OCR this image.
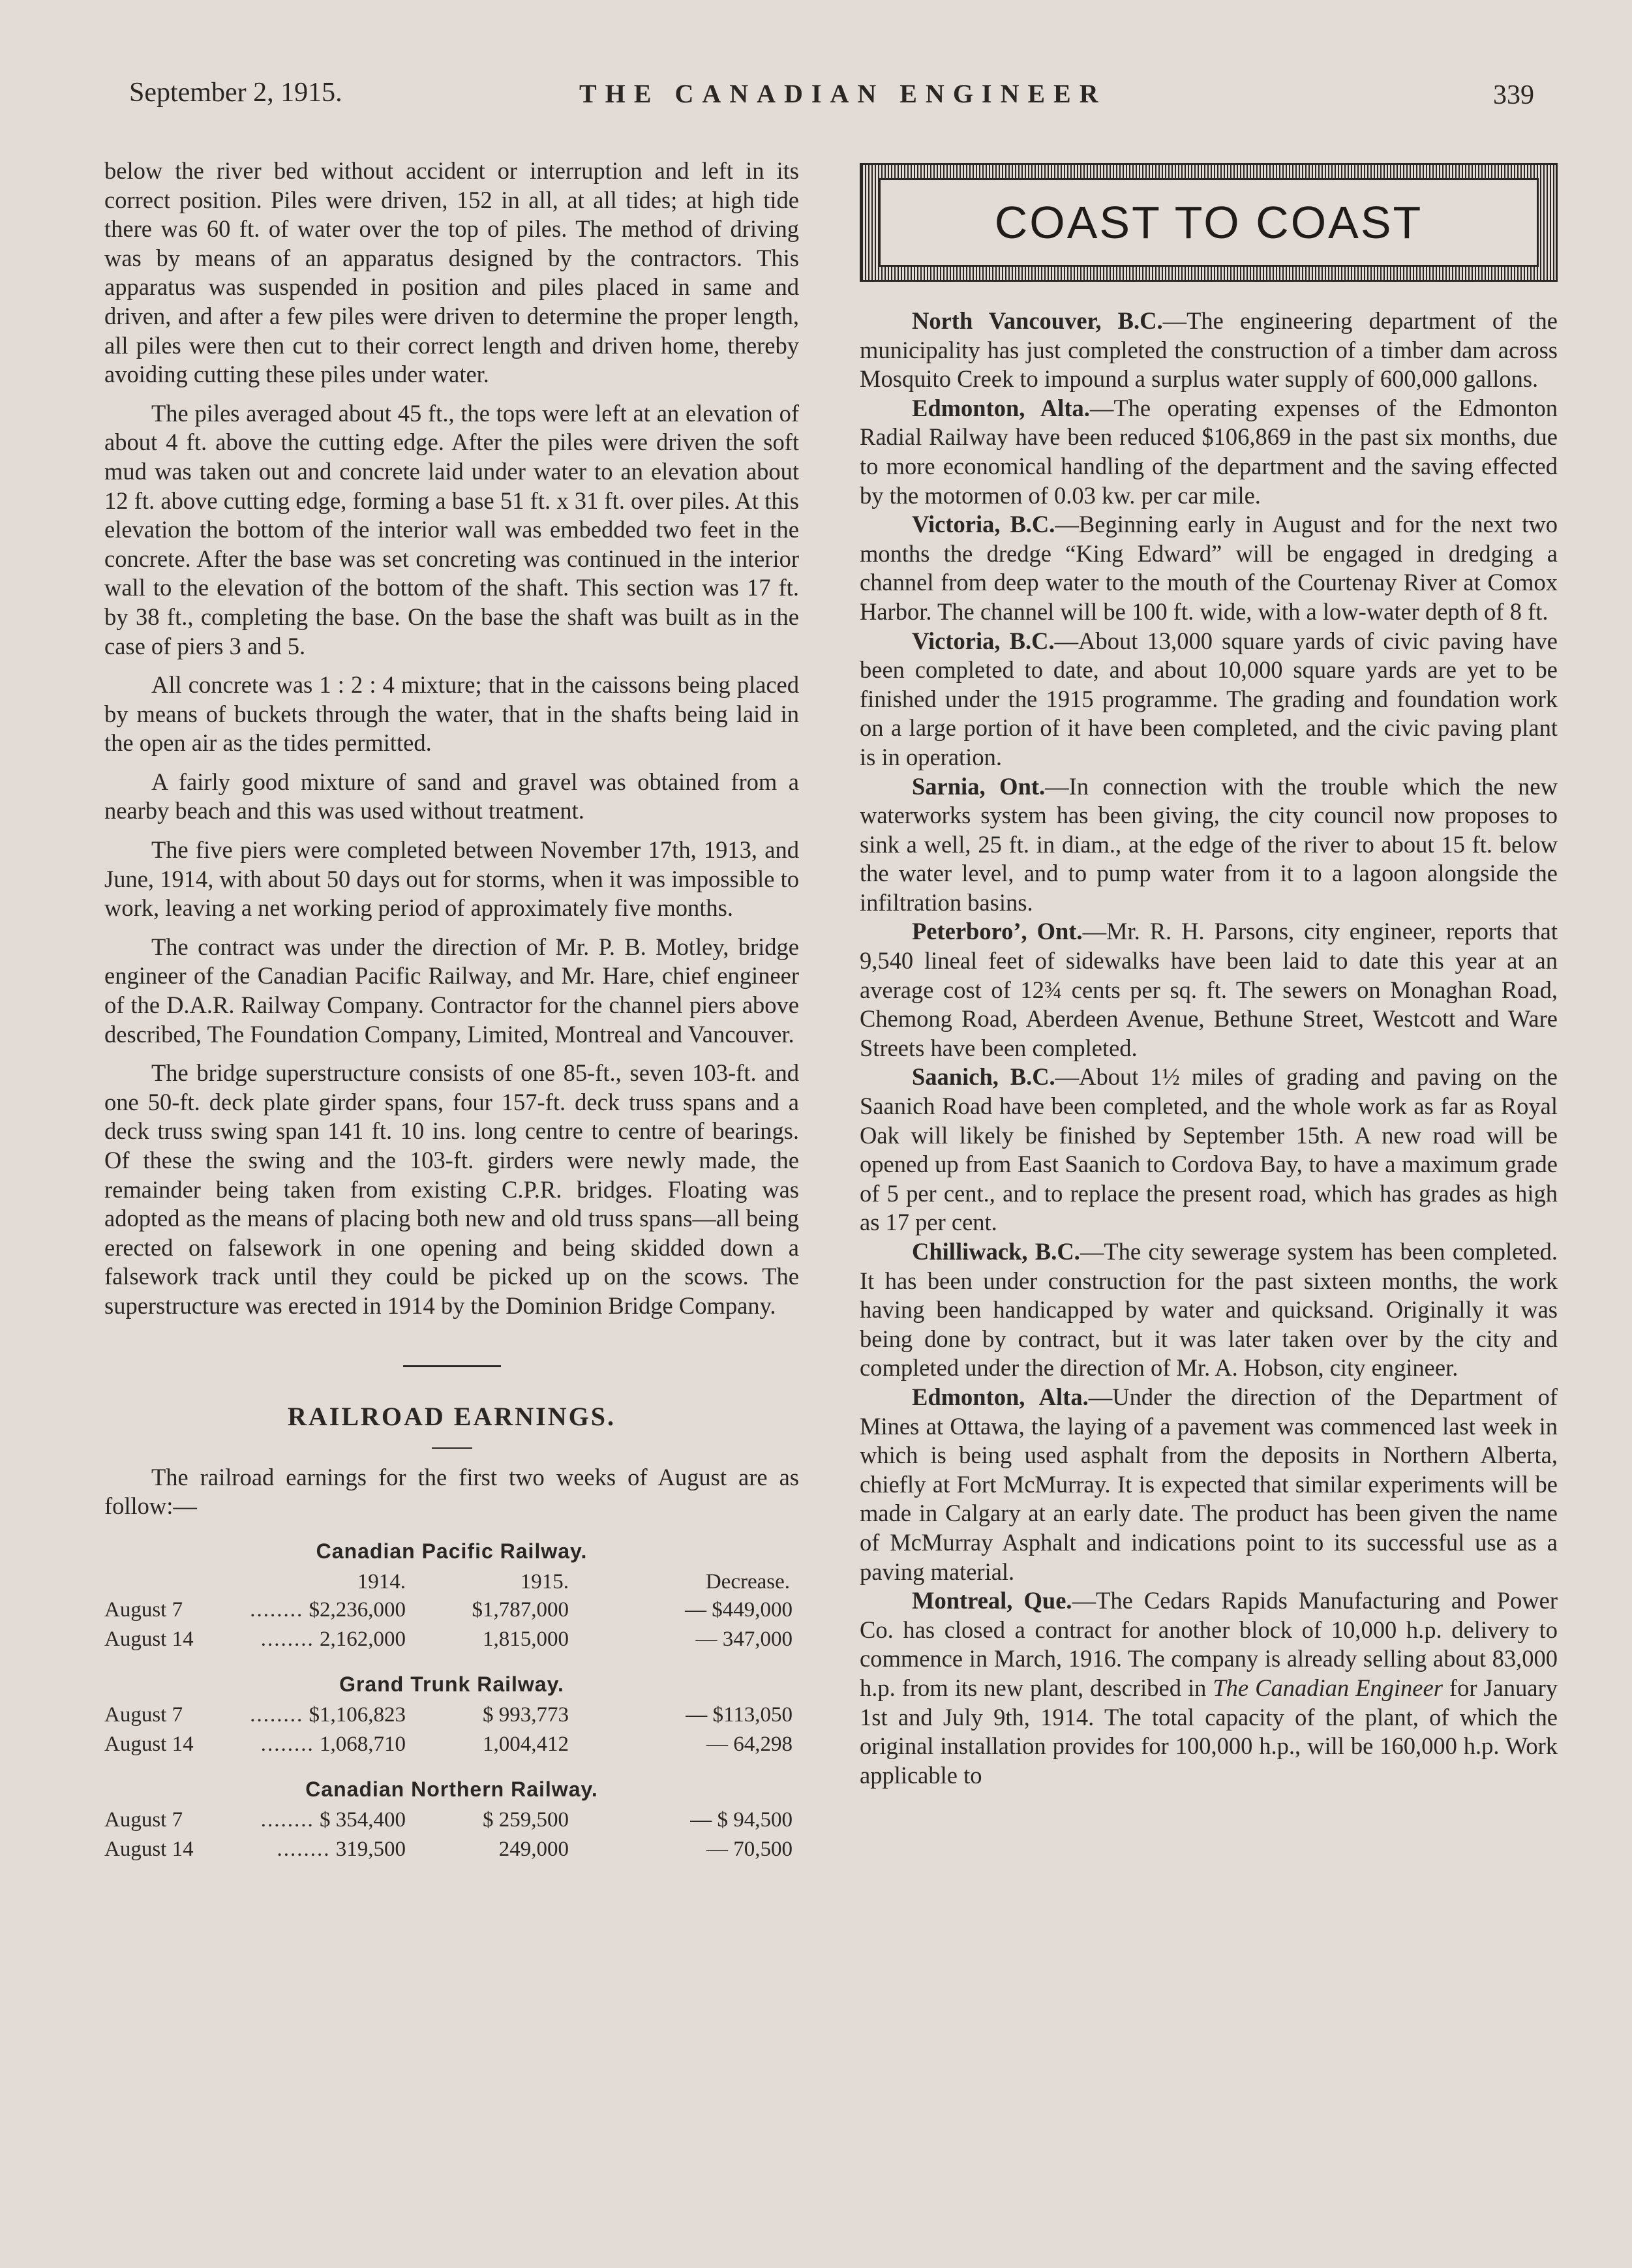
September 2, 1915.	THE CANADIAN ENGINEER	339

below the river bed without accident or interruption and left in its correct position. Piles were driven, 152 in all, at all tides; at high tide there was 60 ft. of water over the top of piles. The method of driving was by means of an apparatus designed by the contractors. This apparatus was suspended in position and piles placed in same and driven, and after a few piles were driven to determine the proper length, all piles were then cut to their correct length and driven home, thereby avoiding cutting these piles under water.

The piles averaged about 45 ft., the tops were left at an elevation of about 4 ft. above the cutting edge. After the piles were driven the soft mud was taken out and concrete laid under water to an elevation about 12 ft. above cutting edge, forming a base 51 ft. x 31 ft. over piles. At this elevation the bottom of the interior wall was embedded two feet in the concrete. After the base was set concreting was continued in the interior wall to the elevation of the bottom of the shaft. This section was 17 ft. by 38 ft., completing the base. On the base the shaft was built as in the case of piers 3 and 5.

All concrete was 1 : 2 : 4 mixture; that in the caissons being placed by means of buckets through the water, that in the shafts being laid in the open air as the tides permitted.

A fairly good mixture of sand and gravel was obtained from a nearby beach and this was used without treatment.

The five piers were completed between November 17th, 1913, and June, 1914, with about 50 days out for storms, when it was impossible to work, leaving a net working period of approximately five months.

The contract was under the direction of Mr. P. B. Motley, bridge engineer of the Canadian Pacific Railway, and Mr. Hare, chief engineer of the D.A.R. Railway Company. Contractor for the channel piers above described, The Foundation Company, Limited, Montreal and Vancouver.

The bridge superstructure consists of one 85-ft., seven 103-ft. and one 50-ft. deck plate girder spans, four 157-ft. deck truss spans and a deck truss swing span 141 ft. 10 ins. long centre to centre of bearings. Of these the swing and the 103-ft. girders were newly made, the remainder being taken from existing C.P.R. bridges. Floating was adopted as the means of placing both new and old truss spans—all being erected on falsework in one opening and being skidded down a falsework track until they could be picked up on the scows. The superstructure was erected in 1914 by the Dominion Bridge Company.

RAILROAD EARNINGS.

The railroad earnings for the first two weeks of August are as follow:—

Canadian Pacific Railway.
	1914.	1915.	Decrease.
August 7	........ $2,236,000	$1,787,000	— $449,000
August 14	........ 2,162,000	1,815,000	— 347,000
Grand Trunk Railway.
August 7	........ $1,106,823	$ 993,773	— $113,050
August 14	........ 1,068,710	1,004,412	— 64,298
Canadian Northern Railway.
August 7	........ $ 354,400	$ 259,500	— $ 94,500
August 14	........ 319,500	249,000	— 70,500
COAST TO COAST

North Vancouver, B.C.—The engineering department of the municipality has just completed the construction of a timber dam across Mosquito Creek to impound a surplus water supply of 600,000 gallons.

Edmonton, Alta.—The operating expenses of the Edmonton Radial Railway have been reduced $106,869 in the past six months, due to more economical handling of the department and the saving effected by the motormen of 0.03 kw. per car mile.

Victoria, B.C.—Beginning early in August and for the next two months the dredge “King Edward” will be engaged in dredging a channel from deep water to the mouth of the Courtenay River at Comox Harbor. The channel will be 100 ft. wide, with a low-water depth of 8 ft.

Victoria, B.C.—About 13,000 square yards of civic paving have been completed to date, and about 10,000 square yards are yet to be finished under the 1915 programme. The grading and foundation work on a large portion of it have been completed, and the civic paving plant is in operation.

Sarnia, Ont.—In connection with the trouble which the new waterworks system has been giving, the city council now proposes to sink a well, 25 ft. in diam., at the edge of the river to about 15 ft. below the water level, and to pump water from it to a lagoon alongside the infiltration basins.

Peterboro’, Ont.—Mr. R. H. Parsons, city engineer, reports that 9,540 lineal feet of sidewalks have been laid to date this year at an average cost of 12¾ cents per sq. ft. The sewers on Monaghan Road, Chemong Road, Aberdeen Avenue, Bethune Street, Westcott and Ware Streets have been completed.

Saanich, B.C.—About 1½ miles of grading and paving on the Saanich Road have been completed, and the whole work as far as Royal Oak will likely be finished by September 15th. A new road will be opened up from East Saanich to Cordova Bay, to have a maximum grade of 5 per cent., and to replace the present road, which has grades as high as 17 per cent.

Chilliwack, B.C.—The city sewerage system has been completed. It has been under construction for the past sixteen months, the work having been handicapped by water and quicksand. Originally it was being done by contract, but it was later taken over by the city and completed under the direction of Mr. A. Hobson, city engineer.

Edmonton, Alta.—Under the direction of the Department of Mines at Ottawa, the laying of a pavement was commenced last week in which is being used asphalt from the deposits in Northern Alberta, chiefly at Fort McMurray. It is expected that similar experiments will be made in Calgary at an early date. The product has been given the name of McMurray Asphalt and indications point to its successful use as a paving material.

Montreal, Que.—The Cedars Rapids Manufacturing and Power Co. has closed a contract for another block of 10,000 h.p. delivery to commence in March, 1916. The company is already selling about 83,000 h.p. from its new plant, described in The Canadian Engineer for January 1st and July 9th, 1914. The total capacity of the plant, of which the original installation provides for 100,000 h.p., will be 160,000 h.p. Work applicable to
